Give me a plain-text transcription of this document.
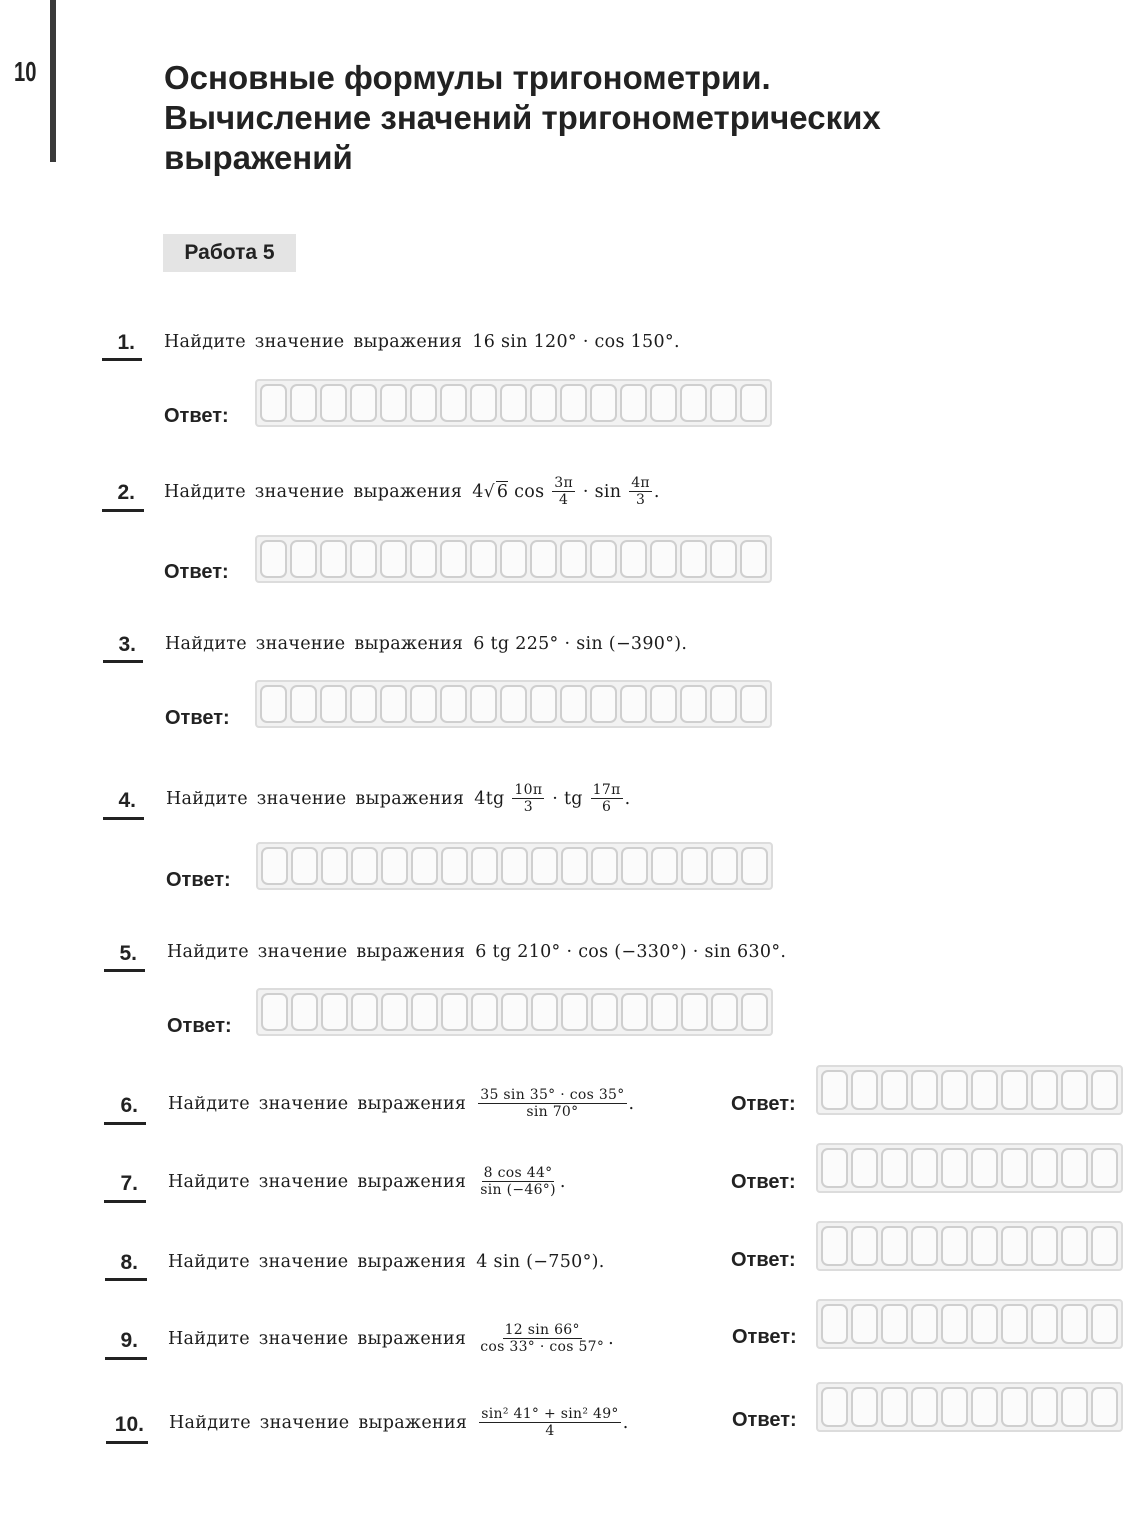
10	Основные формулы тригонометрии.
Вычисление значений тригонометрических
выражений
Работа 5
1. Найдите значение выражения 16 sin 120° · cos 150°.
Ответ:
2. Найдите значение выражения 4 √ 6
cos
$\frac{3\pi}{4} \cdot \sin$
$\frac{4\pi}{3}$ .
Ответ:
3. Найдите значение выражения 6 tg 225° · sin (−390°).
Ответ:
4. Найдите значение выражения 4tg
$\frac{10\pi}{3}$ · tg
$\frac{17\pi}{6}$ .
Ответ:
5. Найдите значение выражения 6 tg 210° · cos (−330°) · sin 630°.
Ответ:
6. Найдите значение выражения $\frac{35 \sin 35^\circ \cdot \cos 35^\circ}{\sin 70^\circ}$ .	Ответ:
7. Найдите значение выражения $\frac{8 \cos 44^\circ}{\sin (-46^\circ)}$ .	Ответ:
8. Найдите значение выражения 4 sin (−750°).	Ответ:
9. Найдите значение выражения $\frac{12 \sin 66^\circ}{\cos 33^\circ \cdot \cos 57^\circ}$ .	Ответ:
10. Найдите значение выражения $\frac{\text{sin² 41° + sin² 49°}}{4}$ .	Ответ:
